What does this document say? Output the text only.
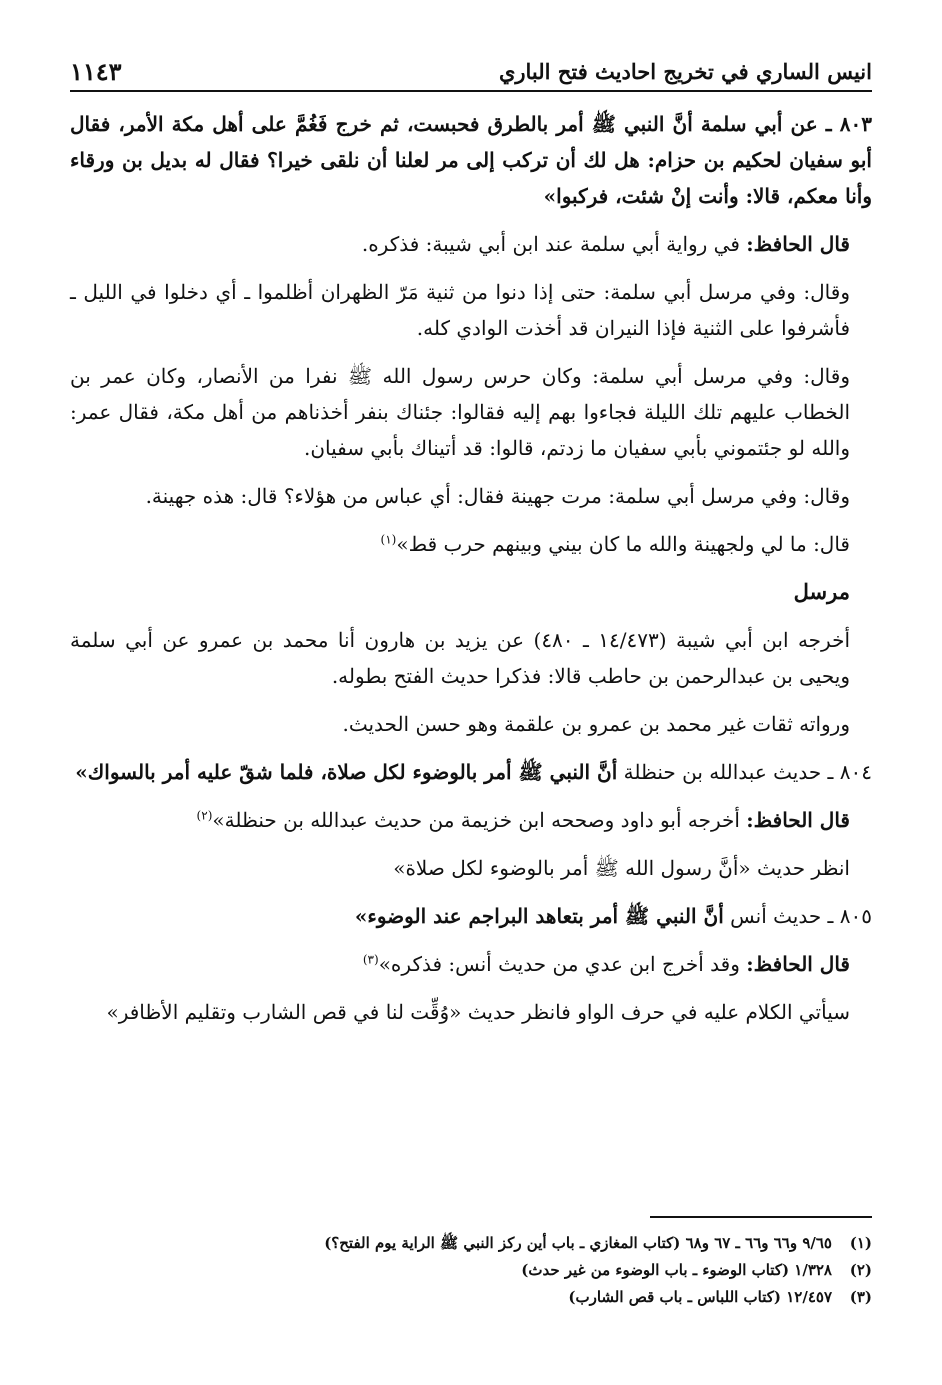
انيس الساري في تخريج احاديث فتح الباري
١١٤٣

٨٠٣ ـ عن أبي سلمة أنَّ النبي ﷺ أمر بالطرق فحبست، ثم خرج فَغُمَّ على أهل مكة الأمر، فقال أبو سفيان لحكيم بن حزام: هل لك أن تركب إلى مر لعلنا أن نلقى خيرا؟ فقال له بديل بن ورقاء وأنا معكم، قالا: وأنت إنْ شئت، فركبوا»

قال الحافظ: في رواية أبي سلمة عند ابن أبي شيبة: فذكره.

وقال: وفي مرسل أبي سلمة: حتى إذا دنوا من ثنية مَرّ الظهران أظلموا ـ أي دخلوا في الليل ـ فأشرفوا على الثنية فإذا النيران قد أخذت الوادي كله.

وقال: وفي مرسل أبي سلمة: وكان حرس رسول الله ﷺ نفرا من الأنصار، وكان عمر بن الخطاب عليهم تلك الليلة فجاءوا بهم إليه فقالوا: جئناك بنفر أخذناهم من أهل مكة، فقال عمر: والله لو جئتموني بأبي سفيان ما زدتم، قالوا: قد أتيناك بأبي سفيان.

وقال: وفي مرسل أبي سلمة: مرت جهينة فقال: أي عباس من هؤلاء؟ قال: هذه جهينة.

قال: ما لي ولجهينة والله ما كان بيني وبينهم حرب قط»$^{(١)}$

مرسل

أخرجه ابن أبي شيبة (١٤/٤٧٣ ـ ٤٨٠) عن يزيد بن هارون أنا محمد بن عمرو عن أبي سلمة ويحيى بن عبدالرحمن بن حاطب قالا: فذكرا حديث الفتح بطوله.

ورواته ثقات غير محمد بن عمرو بن علقمة وهو حسن الحديث.

٨٠٤ ـ حديث عبدالله بن حنظلة أنَّ النبي ﷺ أمر بالوضوء لكل صلاة، فلما شقّ عليه أمر بالسواك»

قال الحافظ: أخرجه أبو داود وصححه ابن خزيمة من حديث عبدالله بن حنظلة»$^{(٢)}$

انظر حديث «أنَّ رسول الله ﷺ أمر بالوضوء لكل صلاة»

٨٠٥ ـ حديث أنس أنَّ النبي ﷺ أمر بتعاهد البراجم عند الوضوء»

قال الحافظ: وقد أخرج ابن عدي من حديث أنس: فذكره»$^{(٣)}$

سيأتي الكلام عليه في حرف الواو فانظر حديث «وُقِّت لنا في قص الشارب وتقليم الأظافر»

(١)
٩/٦٥ و٦٦ و٦٦ ـ ٦٧ و٦٨ (كتاب المغازي ـ باب أين ركز النبي ﷺ الراية يوم الفتح؟)
(٢)
١/٣٢٨ (كتاب الوضوء ـ باب الوضوء من غير حدث)
(٣)
١٢/٤٥٧ (كتاب اللباس ـ باب قص الشارب)
